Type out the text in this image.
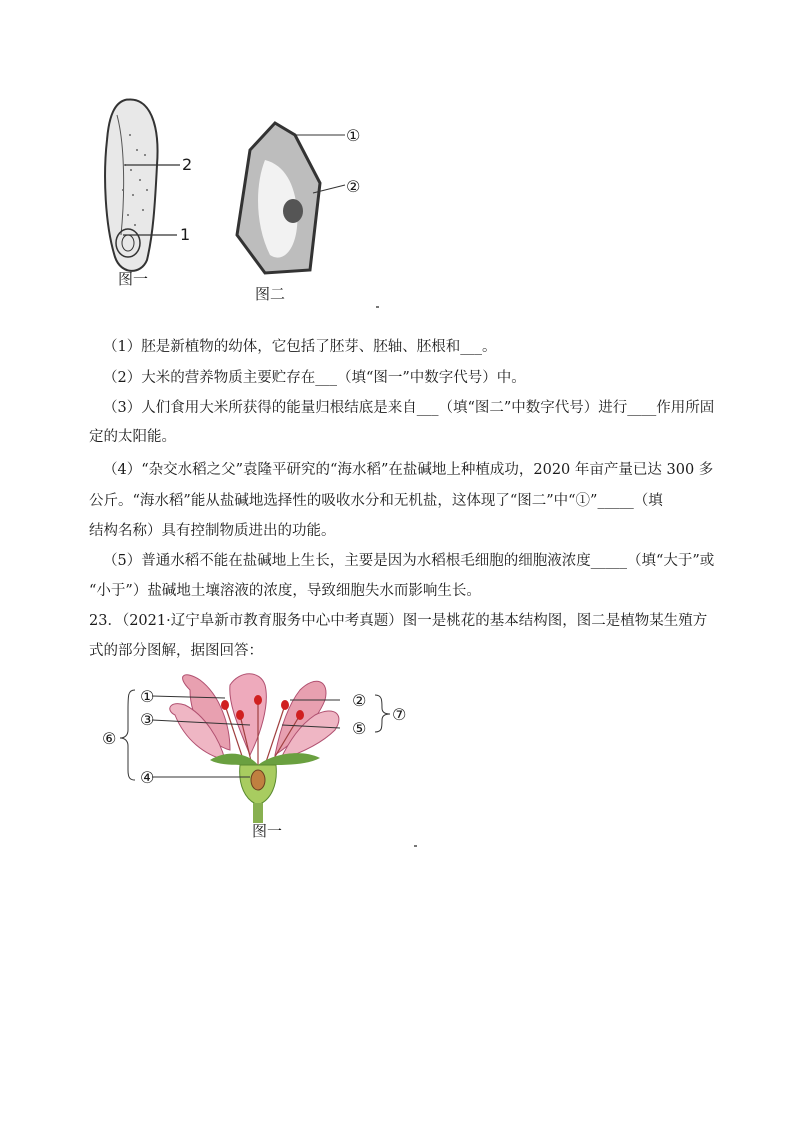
2
1
图一
①
②
图二
（1）胚是新植物的幼体，它包括了胚芽、胚轴、胚根和___。
（2）大米的营养物质主要贮存在___（填“图一”中数字代号）中。
（3）人们食用大米所获得的能量归根结底是来自___（填“图二”中数字代号）进行____作用所固
定的太阳能。
（4）“杂交水稻之父”袁隆平研究的“海水稻”在盐碱地上种植成功，2020 年亩产量已达 300 多
公斤。“海水稻”能从盐碱地选择性的吸收水分和无机盐，这体现了“图二”中“①”_____（填
结构名称）具有控制物质进出的功能。
（5）普通水稻不能在盐碱地上生长，主要是因为水稻根毛细胞的细胞液浓度_____（填“大于”或
“小于”）盐碱地土壤溶液的浓度，导致细胞失水而影响生长。
23．（2021·辽宁阜新市教育服务中心中考真题）图一是桃花的基本结构图，图二是植物某生殖方
式的部分图解，据图回答：
①
③
⑥
④
②
⑤
⑦
图一
